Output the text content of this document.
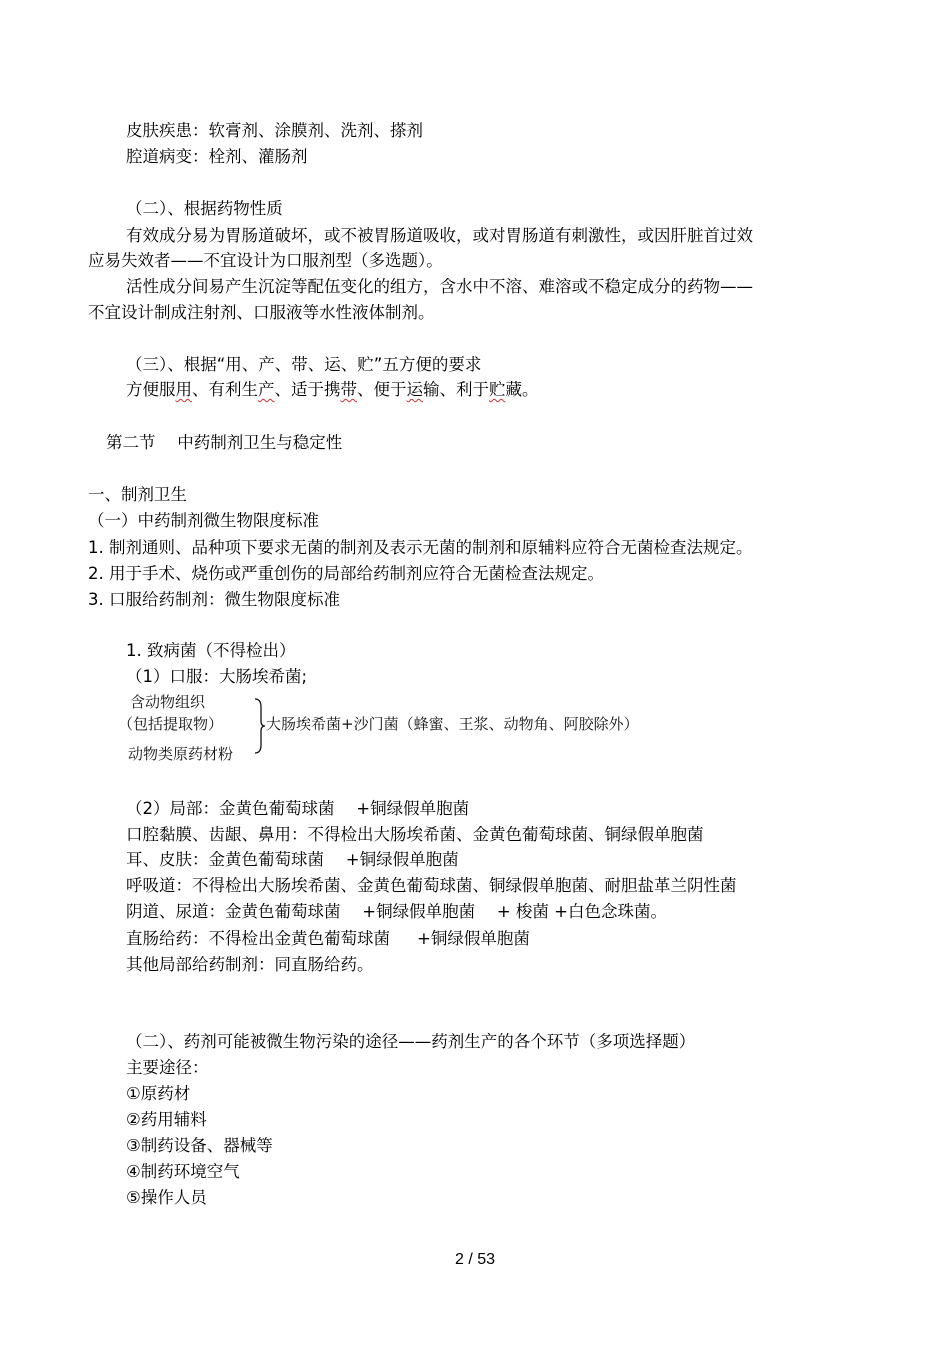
皮肤疾患：软膏剂、涂膜剂、洗剂、搽剂
腔道病变：栓剂、灌肠剂
（二）、根据药物性质
有效成分易为胃肠道破坏，或不被胃肠道吸收，或对胃肠道有刺激性，或因肝脏首过效
应易失效者——不宜设计为口服剂型（多选题）。
活性成分间易产生沉淀等配伍变化的组方，含水中不溶、难溶或不稳定成分的药物——
不宜设计制成注射剂、口服液等水性液体制剂。
（三）、根据“用、产、带、运、贮”五方便的要求
方便服用、有利生产、适于携带、便于运输、利于贮藏。
第二节　 中药制剂卫生与稳定性
一、制剂卫生
（一）中药制剂微生物限度标准
1. 制剂通则、品种项下要求无菌的制剂及表示无菌的制剂和原辅料应符合无菌检查法规定。
2. 用于手术、烧伤或严重创伤的局部给药制剂应符合无菌检查法规定。
3. 口服给药制剂：微生物限度标准
1. 致病菌（不得检出）
（1）口服：大肠埃希菌;
含动物组织
（包括提取物）
动物类原药材粉
大肠埃希菌+沙门菌（蜂蜜、王浆、动物角、阿胶除外）
（2）局部：金黄色葡萄球菌 　+铜绿假单胞菌
口腔黏膜、齿龈、鼻用：不得检出大肠埃希菌、金黄色葡萄球菌、铜绿假单胞菌
耳、皮肤：金黄色葡萄球菌 　+铜绿假单胞菌
呼吸道：不得检出大肠埃希菌、金黄色葡萄球菌、铜绿假单胞菌、耐胆盐革兰阴性菌
阴道、尿道：金黄色葡萄球菌 　+铜绿假单胞菌 　+ 梭菌 +白色念珠菌。
直肠给药：不得检出金黄色葡萄球菌 　 +铜绿假单胞菌
其他局部给药制剂：同直肠给药。
（二）、药剂可能被微生物污染的途径——药剂生产的各个环节（多项选择题）
主要途径：
①原药材
②药用辅料
③制药设备、器械等
④制药环境空气
⑤操作人员
2 / 53
